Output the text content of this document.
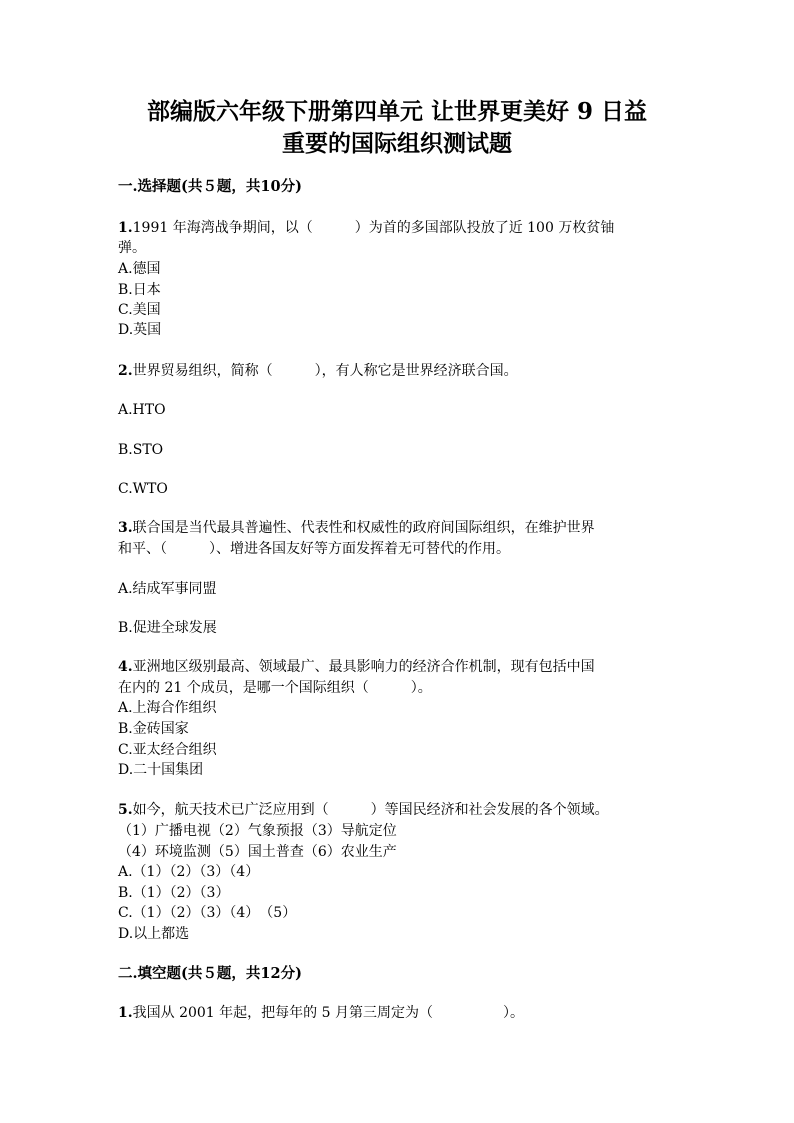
部编版六年级下册第四单元 让世界更美好 9 日益
重要的国际组织测试题
一.选择题(共５题，共10分)
1.1991 年海湾战争期间，以（　　　）为首的多国部队投放了近 100 万枚贫铀
弹。
A.德国
B.日本
C.美国
D.英国
2.世界贸易组织，简称（　　　），有人称它是世界经济联合国。
A.HTO
B.STO
C.WTO
3.联合国是当代最具普遍性、代表性和权威性的政府间国际组织，在维护世界
和平、（　　　）、增进各国友好等方面发挥着无可替代的作用。
A.结成军事同盟
B.促进全球发展
4.亚洲地区级别最高、领域最广、最具影响力的经济合作机制，现有包括中国
在内的 21 个成员，是哪一个国际组织（　　　）。
A.上海合作组织
B.金砖国家
C.亚太经合组织
D.二十国集团
5.如今，航天技术已广泛应用到（　　　）等国民经济和社会发展的各个领域。
（1）广播电视（2）气象预报（3）导航定位
（4）环境监测（5）国土普查（6）农业生产
A.（1）（2）（3）（4）
B.（1）（2）（3）
C.（1）（2）（3）（4）　（5）
D.以上都选
二.填空题(共５题，共12分)
1.我国从 2001 年起，把每年的 5 月第三周定为（　　　　　）。
